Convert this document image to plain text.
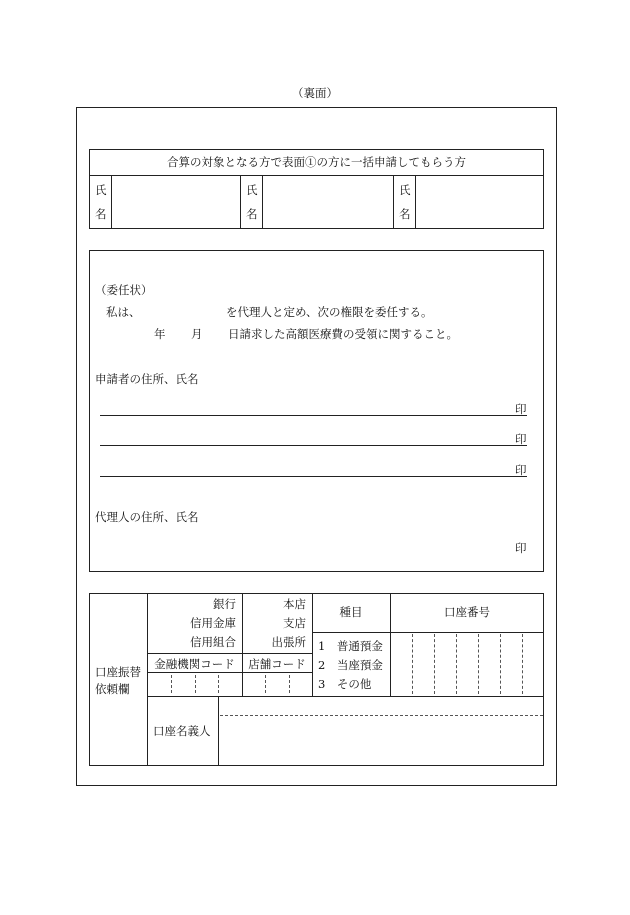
（裏面）
合算の対象となる方で表面①の方に一括申請してもらう方
氏
名
氏
名
氏
名
（委任状）
私は、	を代理人と定め、次の権限を委任する。
年 月 日請求した高額医療費の受領に関すること。
申請者の住所、氏名
印
印
印
代理人の住所、氏名
印
口座振替
依頼欄
銀行
信用金庫
信用組合
本店
支店
出張所
金融機関コード	店舗コード
種目
1　普通預金
2　当座預金
3　その他
口座番号
口座名義人
